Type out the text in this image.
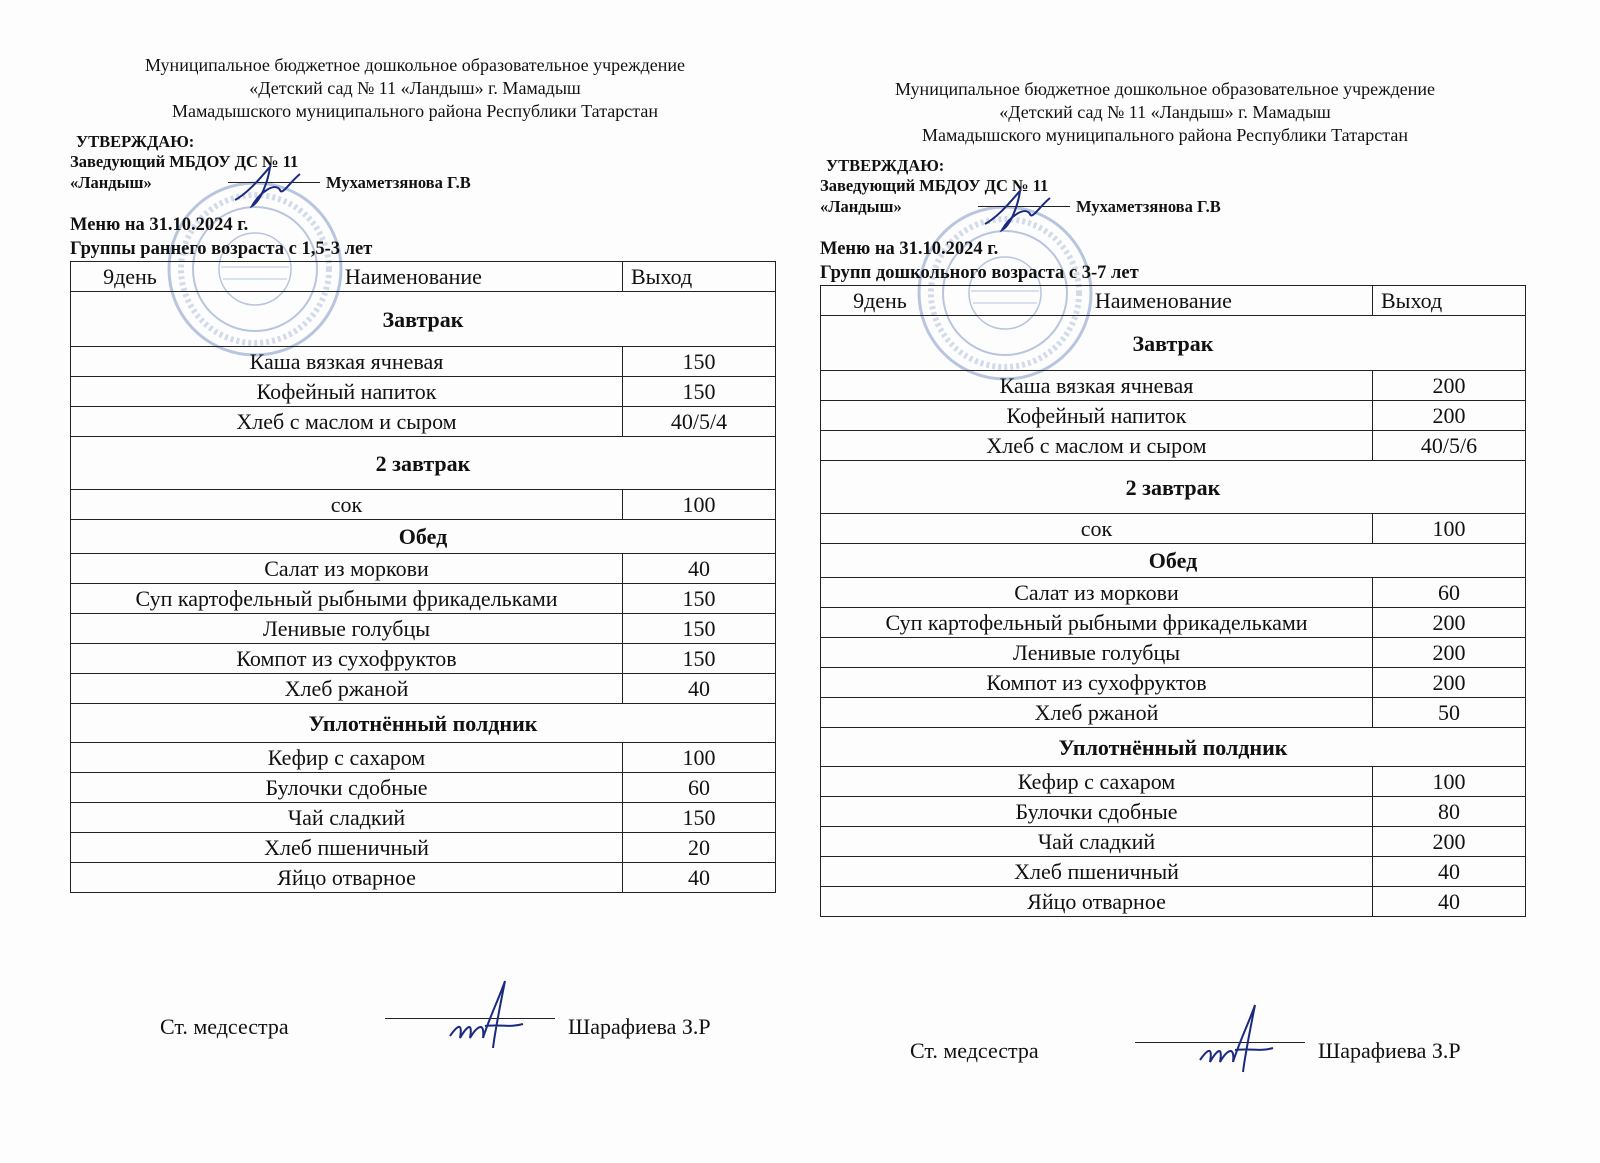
Муниципальное бюджетное дошкольное образовательное учреждение
«Детский сад № 11 «Ландыш» г. Мамадыш
Мамадышского муниципального района Республики Татарстан
УТВЕРЖДАЮ:
Заведующий МБДОУ ДС № 11
«Ландыш»	Мухаметзянова Г.В
Меню на 31.10.2024 г.
Группы раннего возраста с 1,5-3 лет
9день Наименование	Выход
Завтрак	
Каша вязкая ячневая	150
Кофейный напиток	150
Хлеб с маслом и сыром	40/5/4
2 завтрак	
сок	100
Обед	
Салат из моркови	40
Суп картофельный рыбными фрикадельками	150
Ленивые голубцы	150
Компот из сухофруктов	150
Хлеб ржаной	40
Уплотнённый полдник	
Кефир с сахаром	100
Булочки сдобные	60
Чай сладкий	150
Хлеб пшеничный	20
Яйцо отварное	40
Ст. медсестра	Шарафиева З.Р
Муниципальное бюджетное дошкольное образовательное учреждение
«Детский сад № 11 «Ландыш» г. Мамадыш
Мамадышского муниципального района Республики Татарстан
УТВЕРЖДАЮ:
Заведующий МБДОУ ДС № 11
«Ландыш»	Мухаметзянова Г.В
Меню на 31.10.2024 г.
Групп дошкольного возраста с 3-7 лет
9день Наименование	Выход
Завтрак	
Каша вязкая ячневая	200
Кофейный напиток	200
Хлеб с маслом и сыром	40/5/6
2 завтрак	
сок	100
Обед	
Салат из моркови	60
Суп картофельный рыбными фрикадельками	200
Ленивые голубцы	200
Компот из сухофруктов	200
Хлеб ржаной	50
Уплотнённый полдник	
Кефир с сахаром	100
Булочки сдобные	80
Чай сладкий	200
Хлеб пшеничный	40
Яйцо отварное	40
Ст. медсестра	Шарафиева З.Р
